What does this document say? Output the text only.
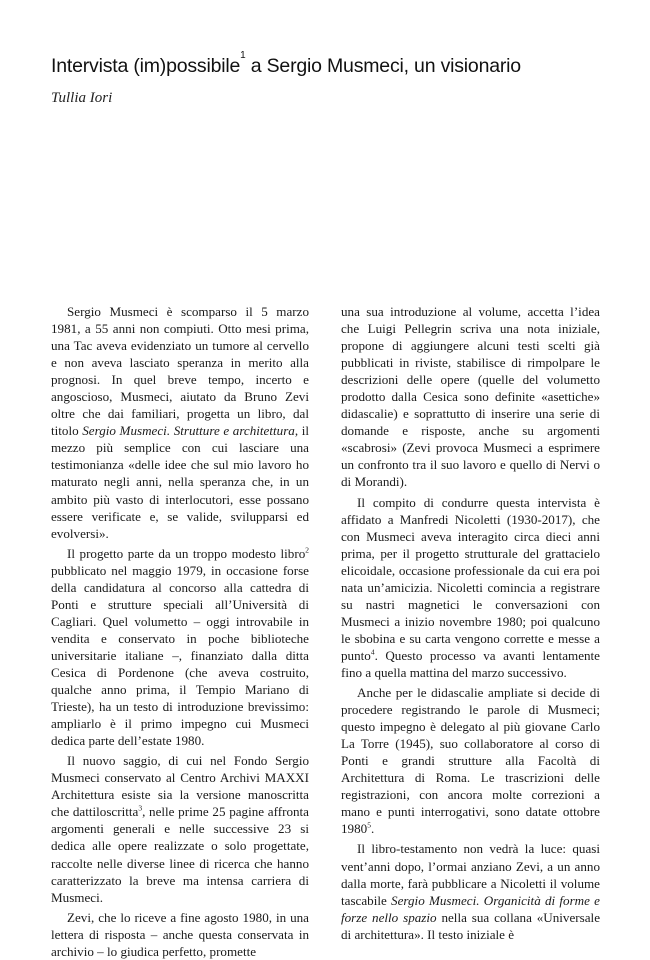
Intervista (im)possibile$^1$ a Sergio Musmeci, un visionario

Tullia Iori

Sergio Musmeci è scomparso il 5 marzo 1981, a 55 anni non compiuti. Otto mesi prima, una Tac aveva evidenziato un tumore al cervello e non aveva lasciato speranza in merito alla prognosi. In quel breve tempo, incerto e angoscioso, Musmeci, aiutato da Bruno Zevi oltre che dai familiari, progetta un libro, dal titolo Sergio Musmeci. Strutture e architettura, il mezzo più semplice con cui lasciare una testimonianza «delle idee che sul mio lavoro ho maturato negli anni, nella speranza che, in un ambito più vasto di interlocutori, esse possano essere verificate e, se valide, svilupparsi ed evolversi».

Il progetto parte da un troppo modesto libro$^2$ pubblicato nel maggio 1979, in occasione forse della candidatura al concorso alla cattedra di Ponti e strutture speciali all’Università di Cagliari. Quel volumetto – oggi introvabile in vendita e conservato in poche biblioteche universitarie italiane –, finanziato dalla ditta Cesica di Pordenone (che aveva costruito, qualche anno prima, il Tempio Mariano di Trieste), ha un testo di introduzione brevissimo: ampliarlo è il primo impegno cui Musmeci dedica parte dell’estate 1980.

Il nuovo saggio, di cui nel Fondo Sergio Musmeci conservato al Centro Archivi MAXXI Architettura esiste sia la versione manoscritta che dattiloscritta$^3$, nelle prime 25 pagine affronta argomenti generali e nelle successive 23 si dedica alle opere realizzate o solo progettate, raccolte nelle diverse linee di ricerca che hanno caratterizzato la breve ma intensa carriera di Musmeci.

Zevi, che lo riceve a fine agosto 1980, in una lettera di risposta – anche questa conservata in archivio – lo giudica perfetto, promette

una sua introduzione al volume, accetta l’idea che Luigi Pellegrin scriva una nota iniziale, propone di aggiungere alcuni testi scelti già pubblicati in riviste, stabilisce di rimpolpare le descrizioni delle opere (quelle del volumetto prodotto dalla Cesica sono definite «asettiche» didascalie) e soprattutto di inserire una serie di domande e risposte, anche su argomenti «scabrosi» (Zevi provoca Musmeci a esprimere un confronto tra il suo lavoro e quello di Nervi o di Morandi).

Il compito di condurre questa intervista è affidato a Manfredi Nicoletti (1930-2017), che con Musmeci aveva interagito circa dieci anni prima, per il progetto strutturale del grattacielo elicoidale, occasione professionale da cui era poi nata un’amicizia. Nicoletti comincia a registrare su nastri magnetici le conversazioni con Musmeci a inizio novembre 1980; poi qualcuno le sbobina e su carta vengono corrette e messe a punto$^4$. Questo processo va avanti lentamente fino a quella mattina del marzo successivo.

Anche per le didascalie ampliate si decide di procedere registrando le parole di Musmeci; questo impegno è delegato al più giovane Carlo La Torre (1945), suo collaboratore al corso di Ponti e grandi strutture alla Facoltà di Architettura di Roma. Le trascrizioni delle registrazioni, con ancora molte correzioni a mano e punti interrogativi, sono datate ottobre 1980$^5$.

Il libro-testamento non vedrà la luce: quasi vent’anni dopo, l’ormai anziano Zevi, a un anno dalla morte, farà pubblicare a Nicoletti il volume tascabile Sergio Musmeci. Organicità di forme e forze nello spazio nella sua collana «Universale di architettura». Il testo iniziale è
